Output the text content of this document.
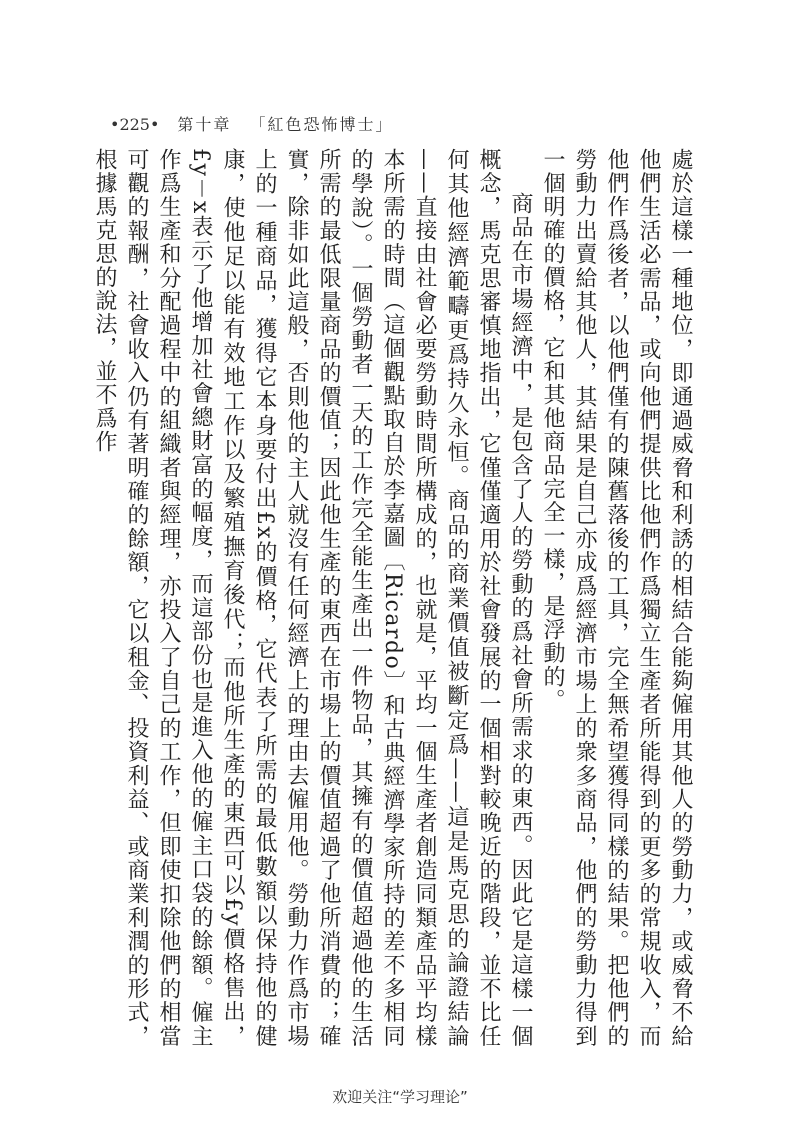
•225• 第十章 「紅色恐怖博士」

處於這樣一種地位，即通過威脅和利誘的相結合能夠僱用其他人的勞動力，或威脅不給他們生活必需品，或向他們提供比他們作爲獨立生產者所能得到的更多的常規收入，而他們作爲後者，以他們僅有的陳舊落後的工具，完全無希望獲得同樣的結果。把他們的勞動力出賣給其他人，其結果是自己亦成爲經濟市場上的衆多商品，他們的勞動力得到一個明確的價格，它和其他商品完全一樣，是浮動的。

商品在市場經濟中，是包含了人的勞動的爲社會所需求的東西。因此它是這樣一個概念，馬克思審慎地指出，它僅僅適用於社會發展的一個相對較晚近的階段，並不比任何其他經濟範疇更爲持久永恒。商品的商業價值被斷定爲——這是馬克思的論證結論——直接由社會必要勞動時間所構成的，也就是，平均一個生產者創造同類產品平均樣本所需的時間（這個觀點取自於李嘉圖〔Ricardo〕和古典經濟學家所持的差不多相同的學說）。一個勞動者一天的工作完全能生產出一件物品，其擁有的價值超過他的生活所需的最低限量商品的價值；因此他生產的東西在市場上的價值超過了他所消費的；確實，除非如此這般，否則他的主人就沒有任何經濟上的理由去僱用他。勞動力作爲市場上的一種商品，獲得它本身要付出£x的價格，它代表了所需的最低數額以保持他的健康，使他足以能有效地工作以及繁殖撫育後代；而他所生產的東西可以£y價格售出，£y－x表示了他增加社會總財富的幅度，而這部份也是進入他的僱主口袋的餘額。僱主作爲生產和分配過程中的組織者與經理，亦投入了自己的工作，但即使扣除他們的相當可觀的報酬，社會收入仍有著明確的餘額，它以租金、投資利益、或商業利潤的形式，根據馬克思的說法，並不爲作

欢迎关注“学习理论”
